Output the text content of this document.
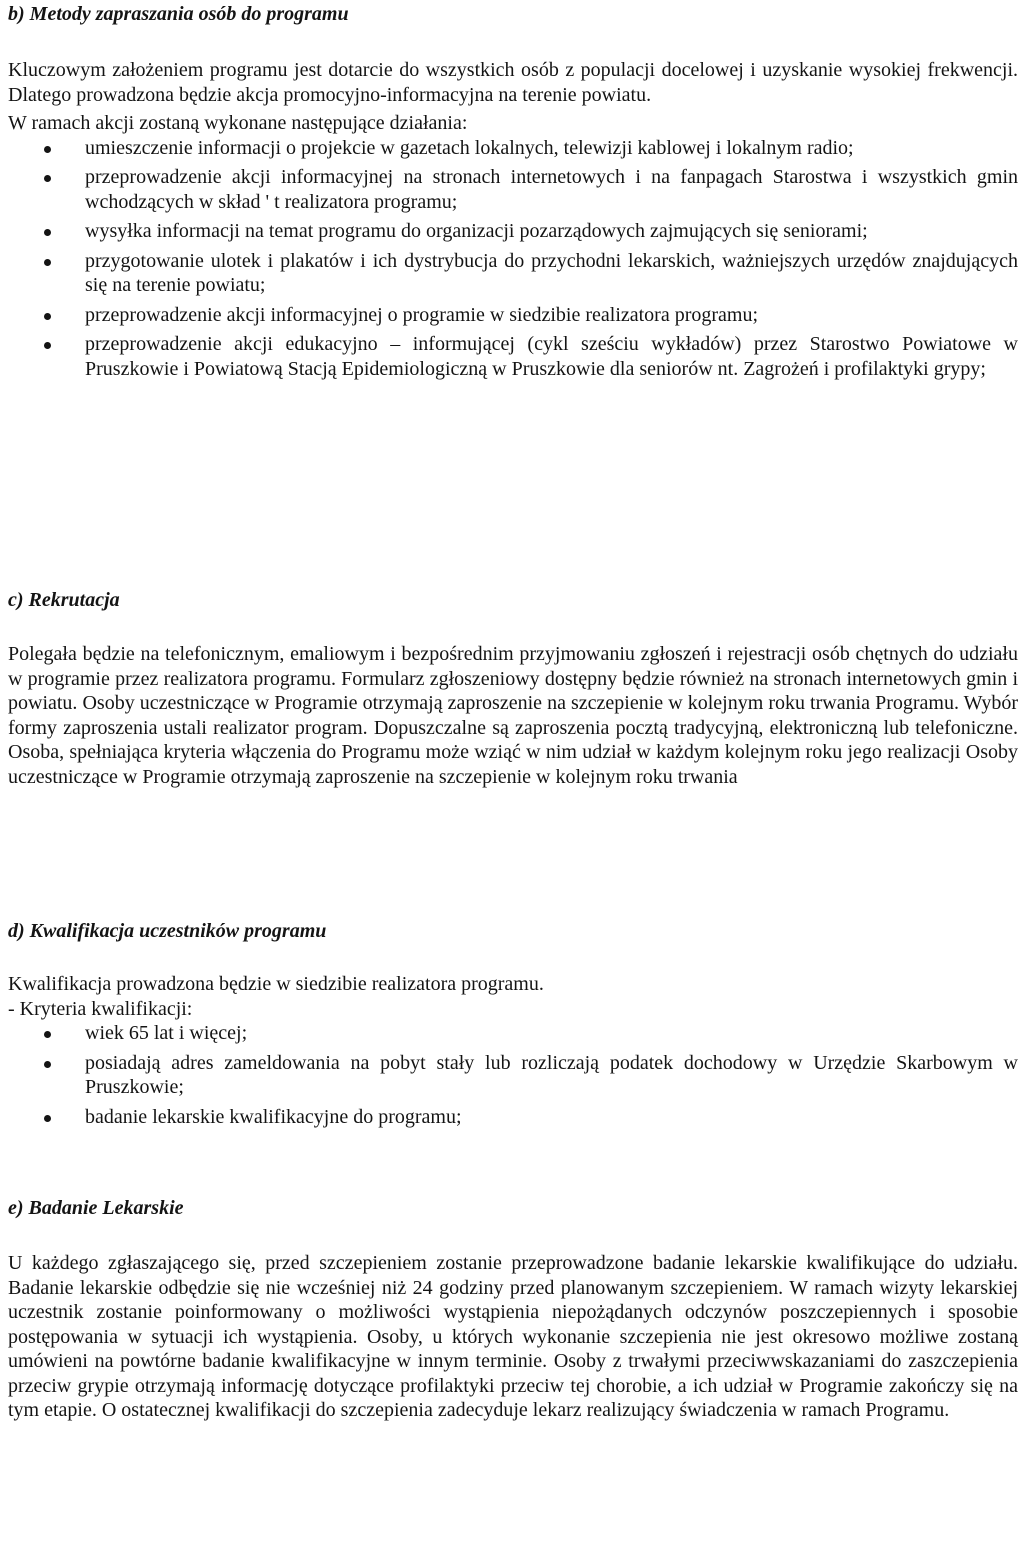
b) Metody zapraszania osób do programu

Kluczowym założeniem programu jest dotarcie do wszystkich osób z populacji docelowej i uzyskanie wysokiej frekwencji. Dlatego prowadzona będzie akcja promocyjno-informacyjna na terenie powiatu.

W ramach akcji zostaną wykonane następujące działania:

umieszczenie informacji o projekcie w gazetach lokalnych, telewizji kablowej i lokalnym radio;
przeprowadzenie akcji informacyjnej na stronach internetowych i na fanpagach Starostwa i wszystkich gmin wchodzących w skład ' t realizatora programu;
wysyłka informacji na temat programu do organizacji pozarządowych zajmujących się seniorami;
przygotowanie ulotek i plakatów i ich dystrybucja do przychodni lekarskich, ważniejszych urzędów znajdujących się na terenie powiatu;
przeprowadzenie akcji informacyjnej o programie w siedzibie realizatora programu;
przeprowadzenie akcji edukacyjno – informującej (cykl sześciu wykładów) przez Starostwo Powiatowe w Pruszkowie i Powiatową Stacją Epidemiologiczną w Pruszkowie dla seniorów nt. Zagrożeń i profilaktyki grypy;
c) Rekrutacja

Polegała będzie na telefonicznym, emaliowym i bezpośrednim przyjmowaniu zgłoszeń i rejestracji osób chętnych do udziału w programie przez realizatora programu. Formularz zgłoszeniowy dostępny będzie również na stronach internetowych gmin i powiatu. Osoby uczestniczące w Programie otrzymają zaproszenie na szczepienie w kolejnym roku trwania Programu. Wybór formy zaproszenia ustali realizator program. Dopuszczalne są zaproszenia pocztą tradycyjną, elektroniczną lub telefoniczne. Osoba, spełniająca kryteria włączenia do Programu może wziąć w nim udział w każdym kolejnym roku jego realizacji Osoby uczestniczące w Programie otrzymają zaproszenie na szczepienie w kolejnym roku trwania

d) Kwalifikacja uczestników programu

Kwalifikacja prowadzona będzie w siedzibie realizatora programu.

- Kryteria kwalifikacji:

wiek 65 lat i więcej;
posiadają adres zameldowania na pobyt stały lub rozliczają podatek dochodowy w Urzędzie Skarbowym w Pruszkowie;
badanie lekarskie kwalifikacyjne do programu;
e) Badanie Lekarskie

U każdego zgłaszającego się, przed szczepieniem zostanie przeprowadzone badanie lekarskie kwalifikujące do udziału. Badanie lekarskie odbędzie się nie wcześniej niż 24 godziny przed planowanym szczepieniem. W ramach wizyty lekarskiej uczestnik zostanie poinformowany o możliwości wystąpienia niepożądanych odczynów poszczepiennych i sposobie postępowania w sytuacji ich wystąpienia. Osoby, u których wykonanie szczepienia nie jest okresowo możliwe zostaną umówieni na powtórne badanie kwalifikacyjne w innym terminie. Osoby z trwałymi przeciwwskazaniami do zaszczepienia przeciw grypie otrzymają informację dotyczące profilaktyki przeciw tej chorobie, a ich udział w Programie zakończy się na tym etapie. O ostatecznej kwalifikacji do szczepienia zadecyduje lekarz realizujący świadczenia w ramach Programu.
